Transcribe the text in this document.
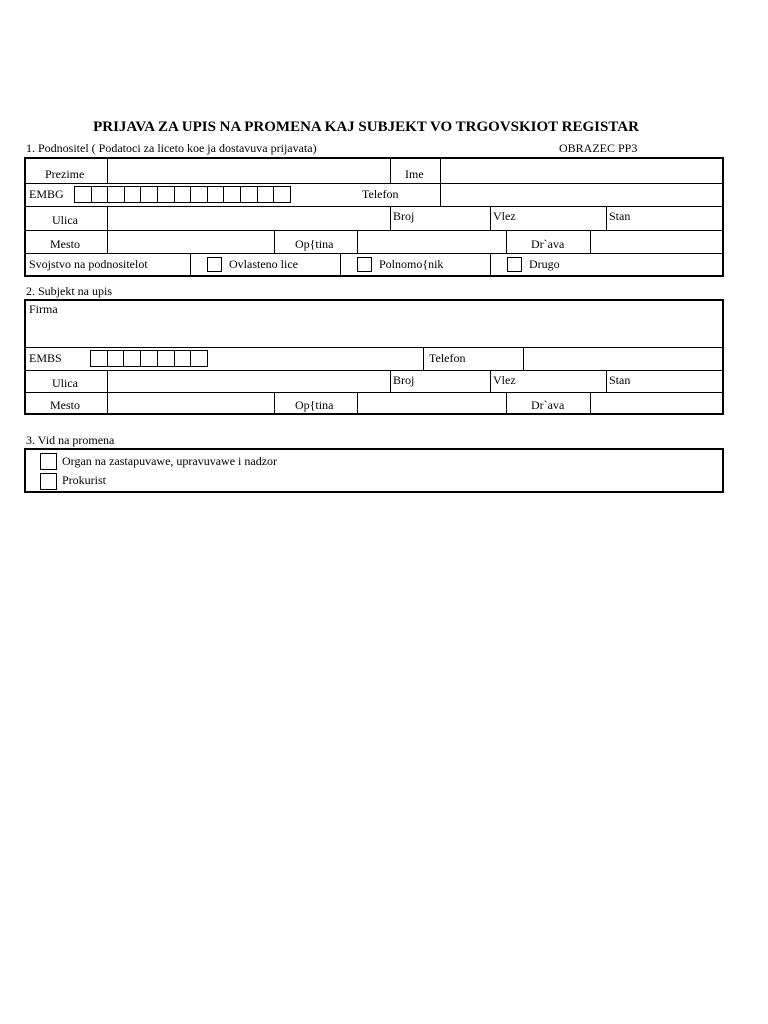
PRIJAVA ZA UPIS NA PROMENA KAJ SUBJEKT VO TRGOVSKIOT REGISTAR
1. Podnositel ( Podatoci za liceto koe ja dostavuva prijavata)	OBRAZEC PP3
Prezime	Ime
EMBG	Telefon
Ulica	Broj	Vlez	Stan
Mesto	Op{tina	Dr`ava
Svojstvo na podnositelot	Ovlasteno lice	Polnomo{nik	Drugo
2. Subjekt na upis
Firma
EMBS	Telefon
Ulica	Broj	Vlez	Stan
Mesto	Op{tina	Dr`ava
3. Vid na promena
Organ na zastapuvawe, upravuvawe i nadzor
Prokurist
